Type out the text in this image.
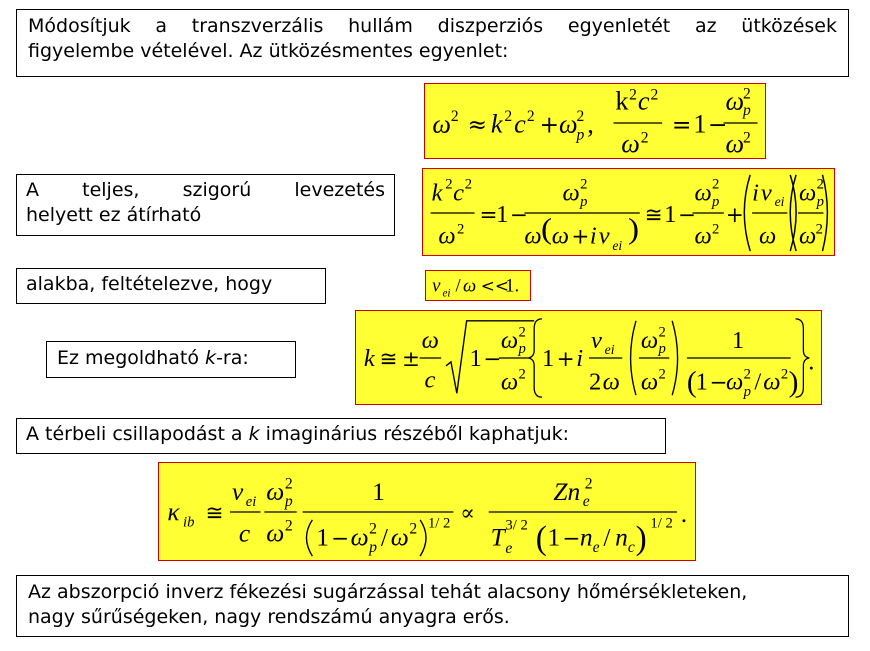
Módosítjuk a transzverzális hullám diszperziós egyenletét az ütközések
figyelembe vételével. Az ütközésmentes egyenlet:
ω 2 ≈ k 2 c 2 + ω
2
p ,
k 2 c 2
ω 2 = 1 −
ω
2
p
ω
2
A teljes, szigorú levezetés
helyett ez átírható
k 2 c 2
ω 2
=
1 −
ω 2
p
ω ( ω + i ν ei
) ≅ 1 −
ω 2
p
ω 2
+
i ν ei
ω
ω 2
p
ω 2
alakba, feltételezve, hogy	ν ei / ω <<
1.
Ez megoldható k-ra:	k ≅ ±
ω
c
1 −
ω 2
p
ω 2
1 + i
ν ei
2 ω
ω 2
p
ω 2
1
( 1 −
ω 2
p / ω 2 )
.
A térbeli csillapodást a k imaginárius részéből kaphatjuk:
κ ib ≅
ν ei
c
ω 2
p
ω 2
1
1 − ω 2
p / ω 2 1/ 2 ∝
Zn e
2
T e
3/ 2 ( 1 − n e / n c ) 1/ 2 .
Az abszorpció inverz fékezési sugárzással tehát alacsony hőmérsékleteken,
nagy sűrűségeken, nagy rendszámú anyagra erős.
